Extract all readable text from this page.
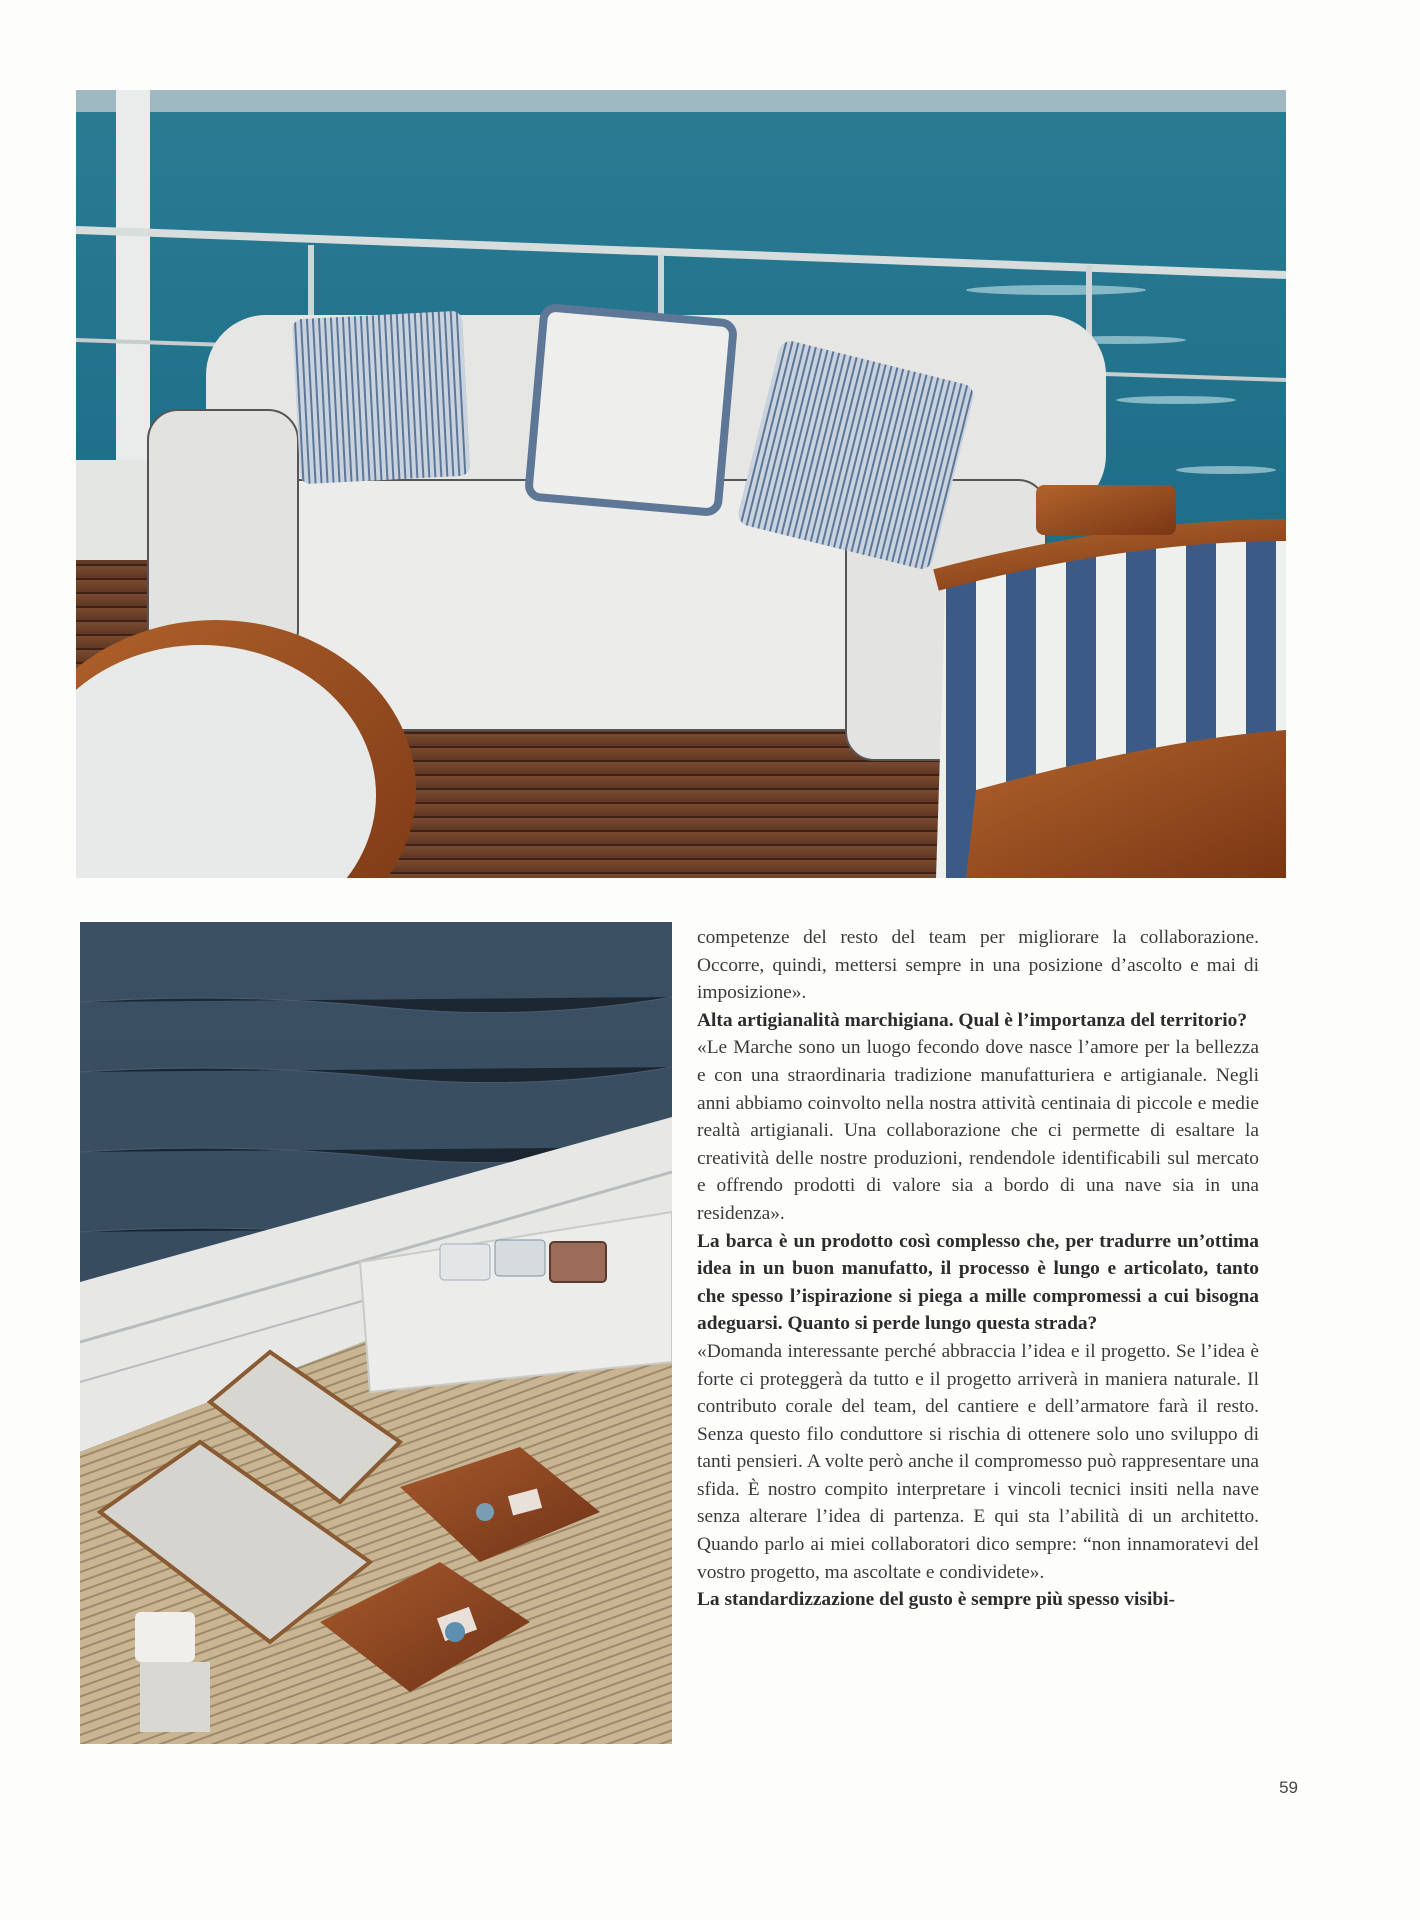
competenze del resto del team per migliorare la collaborazione. Occorre, quindi, mettersi sempre in una posizione d’ascolto e mai di imposizione».

Alta artigianalità marchigiana. Qual è l’importanza del territorio?

«Le Marche sono un luogo fecondo dove nasce l’amore per la bellezza e con una straordinaria tradizione manufatturiera e artigianale. Negli anni abbiamo coinvolto nella nostra attività centinaia di piccole e medie realtà artigianali. Una collaborazione che ci permette di esaltare la creatività delle nostre produzioni, rendendole identificabili sul mercato e offrendo prodotti di valore sia a bordo di una nave sia in una residenza».

La barca è un prodotto così complesso che, per tradurre un’ottima idea in un buon manufatto, il processo è lungo e articolato, tanto che spesso l’ispirazione si piega a mille compromessi a cui bisogna adeguarsi. Quanto si perde lungo questa strada?

«Domanda interessante perché abbraccia l’idea e il progetto. Se l’idea è forte ci proteggerà da tutto e il progetto arriverà in maniera naturale. Il contributo corale del team, del cantiere e dell’armatore farà il resto. Senza questo filo conduttore si rischia di ottenere solo uno sviluppo di tanti pensieri. A volte però anche il compromesso può rappresentare una sfida. È nostro compito interpretare i vincoli tecnici insiti nella nave senza alterare l’idea di partenza. E qui sta l’abilità di un architetto. Quando parlo ai miei collaboratori dico sempre: “non innamoratevi del vostro progetto, ma ascoltate e condividete».

La standardizzazione del gusto è sempre più spesso visibi-

59
